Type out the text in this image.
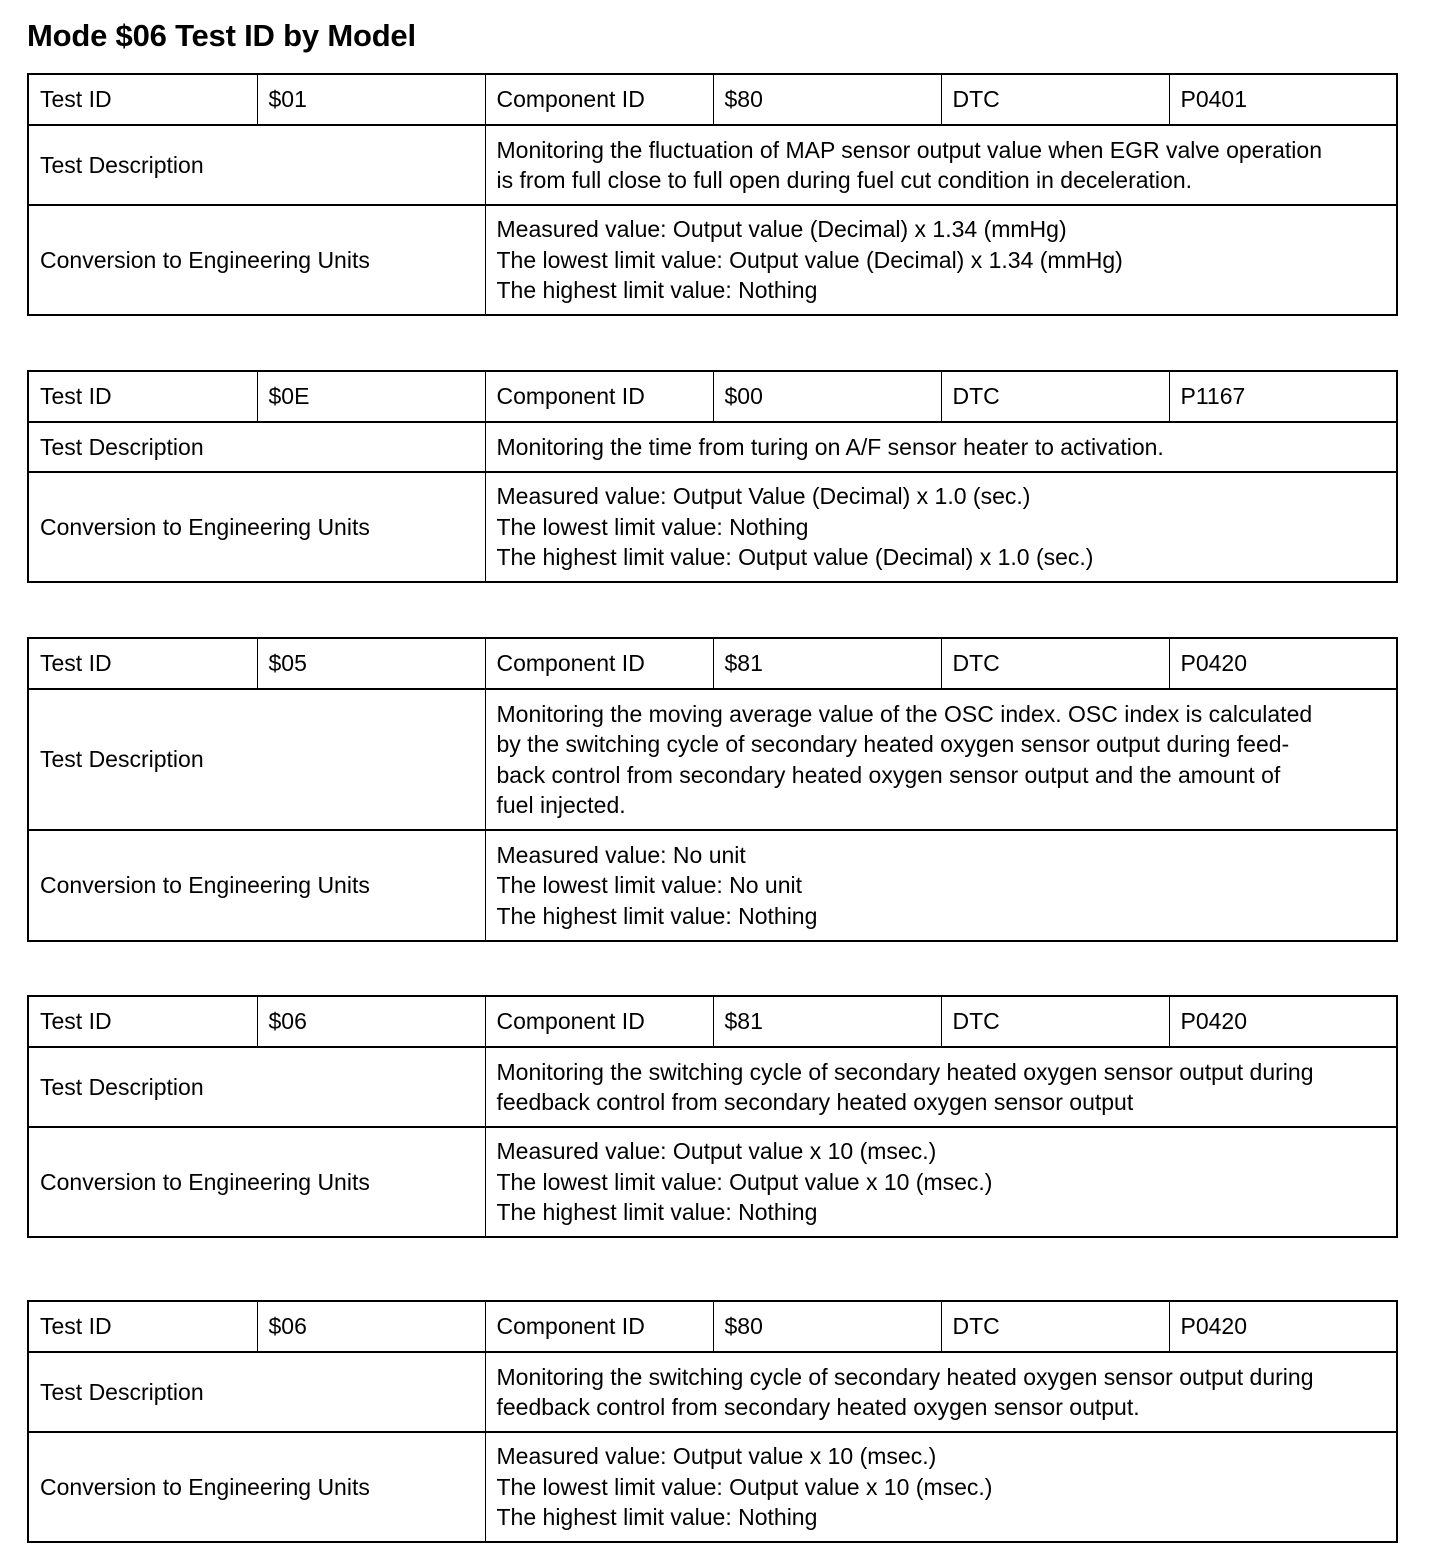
Mode $06 Test ID by Model
Test ID	$01	Component ID	$80	DTC	P0401
Test Description		Monitoring the fluctuation of MAP sensor output value when EGR valve operation
is from full close to full open during fuel cut condition in deceleration.			

Conversion to Engineering Units		Measured value: Output value (Decimal) x 1.34 (mmHg)
The lowest limit value: Output value (Decimal) x 1.34 (mmHg)
The highest limit value: Nothing			
Test ID	$0E	Component ID	$00	DTC	P1167
Test Description		Monitoring the time from turing on A/F sensor heater to activation.			

Conversion to Engineering Units		Measured value: Output Value (Decimal) x 1.0 (sec.)
The lowest limit value: Nothing
The highest limit value: Output value (Decimal) x 1.0 (sec.)			
Test ID	$05	Component ID	$81	DTC	P0420
Test Description		Monitoring the moving average value of the OSC index. OSC index is calculated
by the switching cycle of secondary heated oxygen sensor output during feed-
back control from secondary heated oxygen sensor output and the amount of
fuel injected.			

Conversion to Engineering Units		Measured value: No unit
The lowest limit value: No unit
The highest limit value: Nothing			
Test ID	$06	Component ID	$81	DTC	P0420
Test Description		Monitoring the switching cycle of secondary heated oxygen sensor output during
feedback control from secondary heated oxygen sensor output			

Conversion to Engineering Units		Measured value: Output value x 10 (msec.)
The lowest limit value: Output value x 10 (msec.)
The highest limit value: Nothing			
Test ID	$06	Component ID	$80	DTC	P0420
Test Description		Monitoring the switching cycle of secondary heated oxygen sensor output during
feedback control from secondary heated oxygen sensor output.			

Conversion to Engineering Units		Measured value: Output value x 10 (msec.)
The lowest limit value: Output value x 10 (msec.)
The highest limit value: Nothing			
